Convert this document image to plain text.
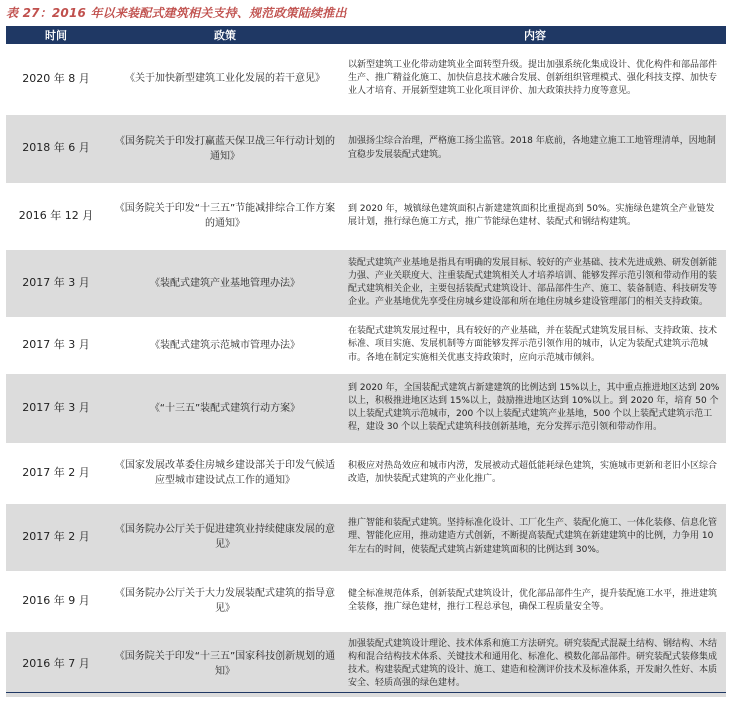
表 27：2016 年以来装配式建筑相关支持、规范政策陆续推出
时间	政策	内容
2020 年 8 月	《关于加快新型建筑工业化发展的若干意见》	以新型建筑工业化带动建筑业全面转型升级。提出加强系统化集成设计、优化构件和部品部件生产、推广精益化施工、加快信息技术融合发展、创新组织管理模式、强化科技支撑、加快专业人才培育、开展新型建筑工业化项目评价、加大政策扶持力度等意见。
2018 年 6 月	《国务院关于印发打赢蓝天保卫战三年行动计划的通知》	加强扬尘综合治理，严格施工扬尘监管。2018 年底前，各地建立施工工地管理清单，因地制宜稳步发展装配式建筑。
2016 年 12 月	《国务院关于印发“十三五”节能减排综合工作方案的通知》	到 2020 年，城镇绿色建筑面积占新建建筑面积比重提高到 50%。实施绿色建筑全产业链发展计划，推行绿色施工方式，推广节能绿色建材、装配式和钢结构建筑。
2017 年 3 月	《装配式建筑产业基地管理办法》	装配式建筑产业基地是指具有明确的发展目标、较好的产业基础、技术先进成熟、研发创新能力强、产业关联度大、注重装配式建筑相关人才培养培训、能够发挥示范引领和带动作用的装配式建筑相关企业，主要包括装配式建筑设计、部品部件生产、施工、装备制造、科技研发等企业。产业基地优先享受住房城乡建设部和所在地住房城乡建设管理部门的相关支持政策。
2017 年 3 月	《装配式建筑示范城市管理办法》	在装配式建筑发展过程中，具有较好的产业基础，并在装配式建筑发展目标、支持政策、技术标准、项目实施、发展机制等方面能够发挥示范引领作用的城市，认定为装配式建筑示范城市。各地在制定实施相关优惠支持政策时，应向示范城市倾斜。
2017 年 3 月	《“十三五”装配式建筑行动方案》	到 2020 年，全国装配式建筑占新建建筑的比例达到 15%以上，其中重点推进地区达到 20%以上，积极推进地区达到 15%以上，鼓励推进地区达到 10%以上。到 2020 年，培育 50 个以上装配式建筑示范城市，200 个以上装配式建筑产业基地，500 个以上装配式建筑示范工程，建设 30 个以上装配式建筑科技创新基地，充分发挥示范引领和带动作用。
2017 年 2 月	《国家发展改革委住房城乡建设部关于印发气候适应型城市建设试点工作的通知》	积极应对热岛效应和城市内涝，发展被动式超低能耗绿色建筑，实施城市更新和老旧小区综合改造，加快装配式建筑的产业化推广。
2017 年 2 月	《国务院办公厅关于促进建筑业持续健康发展的意见》	推广智能和装配式建筑。坚持标准化设计、工厂化生产、装配化施工、一体化装修、信息化管理、智能化应用，推动建造方式创新，不断提高装配式建筑在新建建筑中的比例，力争用 10 年左右的时间，使装配式建筑占新建建筑面积的比例达到 30%。
2016 年 9 月	《国务院办公厅关于大力发展装配式建筑的指导意见》	健全标准规范体系，创新装配式建筑设计，优化部品部件生产，提升装配施工水平，推进建筑全装修，推广绿色建材，推行工程总承包，确保工程质量安全等。
2016 年 7 月	《国务院关于印发“十三五”国家科技创新规划的通知》	加强装配式建筑设计理论、技术体系和施工方法研究。研究装配式混凝土结构、钢结构、木结构和混合结构技术体系、关键技术和通用化、标准化、模数化部品部件。研究装配式装修集成技术。构建装配式建筑的设计、施工、建造和检测评价技术及标准体系，开发耐久性好、本质安全、轻质高强的绿色建材。
